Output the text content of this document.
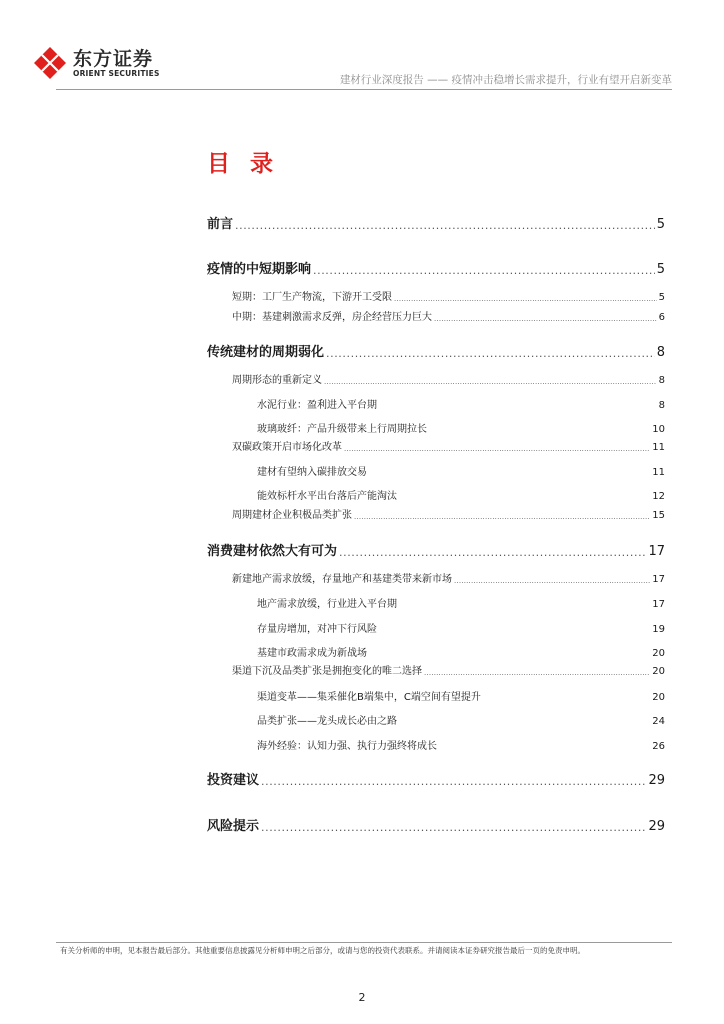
东方证券
ORIENT SECURITIES
建材行业深度报告 —— 疫情冲击稳增长需求提升，行业有望开启新变革
目 录
前言 .....	5
疫情的中短期影响 .....	5
短期：工厂生产物流，下游开工受限 .....	5
中期：基建刺激需求反弹，房企经营压力巨大 .....	6
传统建材的周期弱化 .....	8
周期形态的重新定义 .....	8
水泥行业：盈利进入平台期	8
玻璃玻纤：产品升级带来上行周期拉长	10
双碳政策开启市场化改革 .....	11
建材有望纳入碳排放交易	11
能效标杆水平出台落后产能淘汰	12
周期建材企业积极品类扩张 .....	15
消费建材依然大有可为 .....	17
新建地产需求放缓，存量地产和基建类带来新市场 .....	17
地产需求放缓，行业进入平台期	17
存量房增加，对冲下行风险	19
基建市政需求成为新战场	20
渠道下沉及品类扩张是拥抱变化的唯二选择 .....	20
渠道变革——集采催化B端集中，C端空间有望提升	20
品类扩张——龙头成长必由之路	24
海外经验：认知力强、执行力强终将成长	26
投资建议 .....	29
风险提示 .....	29
有关分析师的申明，见本报告最后部分。其他重要信息披露见分析师申明之后部分，或请与您的投资代表联系。并请阅读本证券研究报告最后一页的免责申明。
2
